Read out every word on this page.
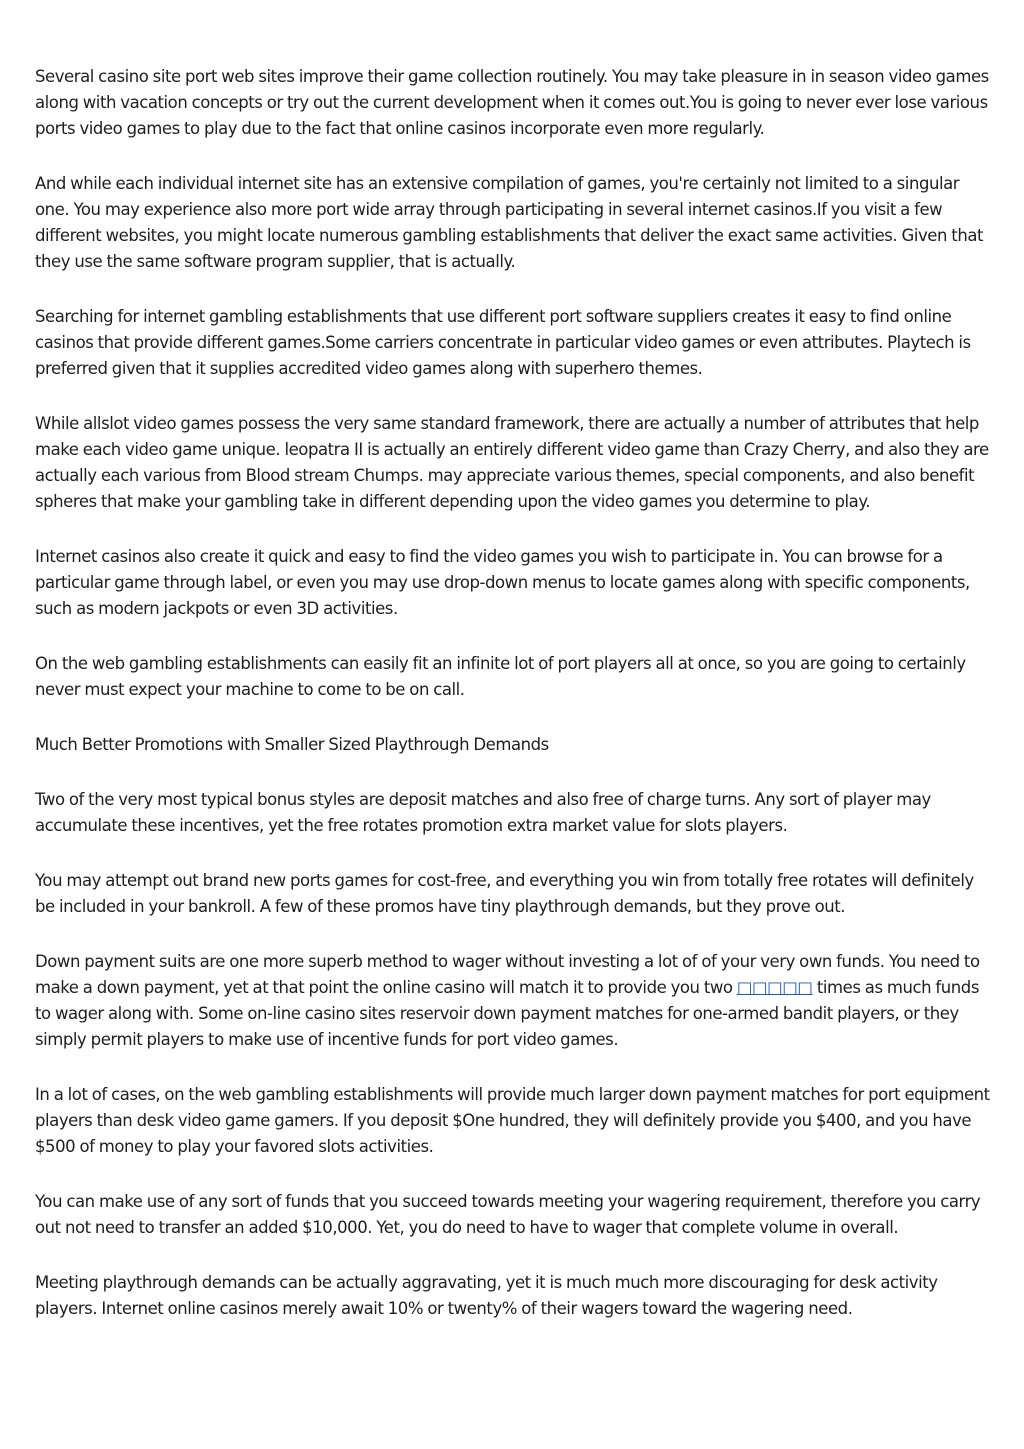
Several casino site port web sites improve their game collection routinely. You may take pleasure in in season video games along with vacation concepts or try out the current development when it comes out.You is going to never ever lose various ports video games to play due to the fact that online casinos incorporate even more regularly.

And while each individual internet site has an extensive compilation of games, you're certainly not limited to a singular one. You may experience also more port wide array through participating in several internet casinos.If you visit a few different websites, you might locate numerous gambling establishments that deliver the exact same activities. Given that they use the same software program supplier, that is actually.

Searching for internet gambling establishments that use different port software suppliers creates it easy to find online casinos that provide different games.Some carriers concentrate in particular video games or even attributes. Playtech is preferred given that it supplies accredited video games along with superhero themes.

While allslot video games possess the very same standard framework, there are actually a number of attributes that help make each video game unique. leopatra II is actually an entirely different video game than Crazy Cherry, and also they are actually each various from Blood stream Chumps. may appreciate various themes, special components, and also benefit spheres that make your gambling take in different depending upon the video games you determine to play.

Internet casinos also create it quick and easy to find the video games you wish to participate in. You can browse for a particular game through label, or even you may use drop-down menus to locate games along with specific components, such as modern jackpots or even 3D activities.

On the web gambling establishments can easily fit an infinite lot of port players all at once, so you are going to certainly never must expect your machine to come to be on call.

Much Better Promotions with Smaller Sized Playthrough Demands

Two of the very most typical bonus styles are deposit matches and also free of charge turns. Any sort of player may accumulate these incentives, yet the free rotates promotion extra market value for slots players.

You may attempt out brand new ports games for cost-free, and everything you win from totally free rotates will definitely be included in your bankroll. A few of these promos have tiny playthrough demands, but they prove out.

Down payment suits are one more superb method to wager without investing a lot of of your very own funds. You need to make a down payment, yet at that point the online casino will match it to provide you two □□□□□ times as much funds to wager along with. Some on-line casino sites reservoir down payment matches for one-armed bandit players, or they simply permit players to make use of incentive funds for port video games.

In a lot of cases, on the web gambling establishments will provide much larger down payment matches for port equipment players than desk video game gamers. If you deposit $One hundred, they will definitely provide you $400, and you have $500 of money to play your favored slots activities.

You can make use of any sort of funds that you succeed towards meeting your wagering requirement, therefore you carry out not need to transfer an added $10,000. Yet, you do need to have to wager that complete volume in overall.

Meeting playthrough demands can be actually aggravating, yet it is much much more discouraging for desk activity players. Internet online casinos merely await 10% or twenty% of their wagers toward the wagering need.
